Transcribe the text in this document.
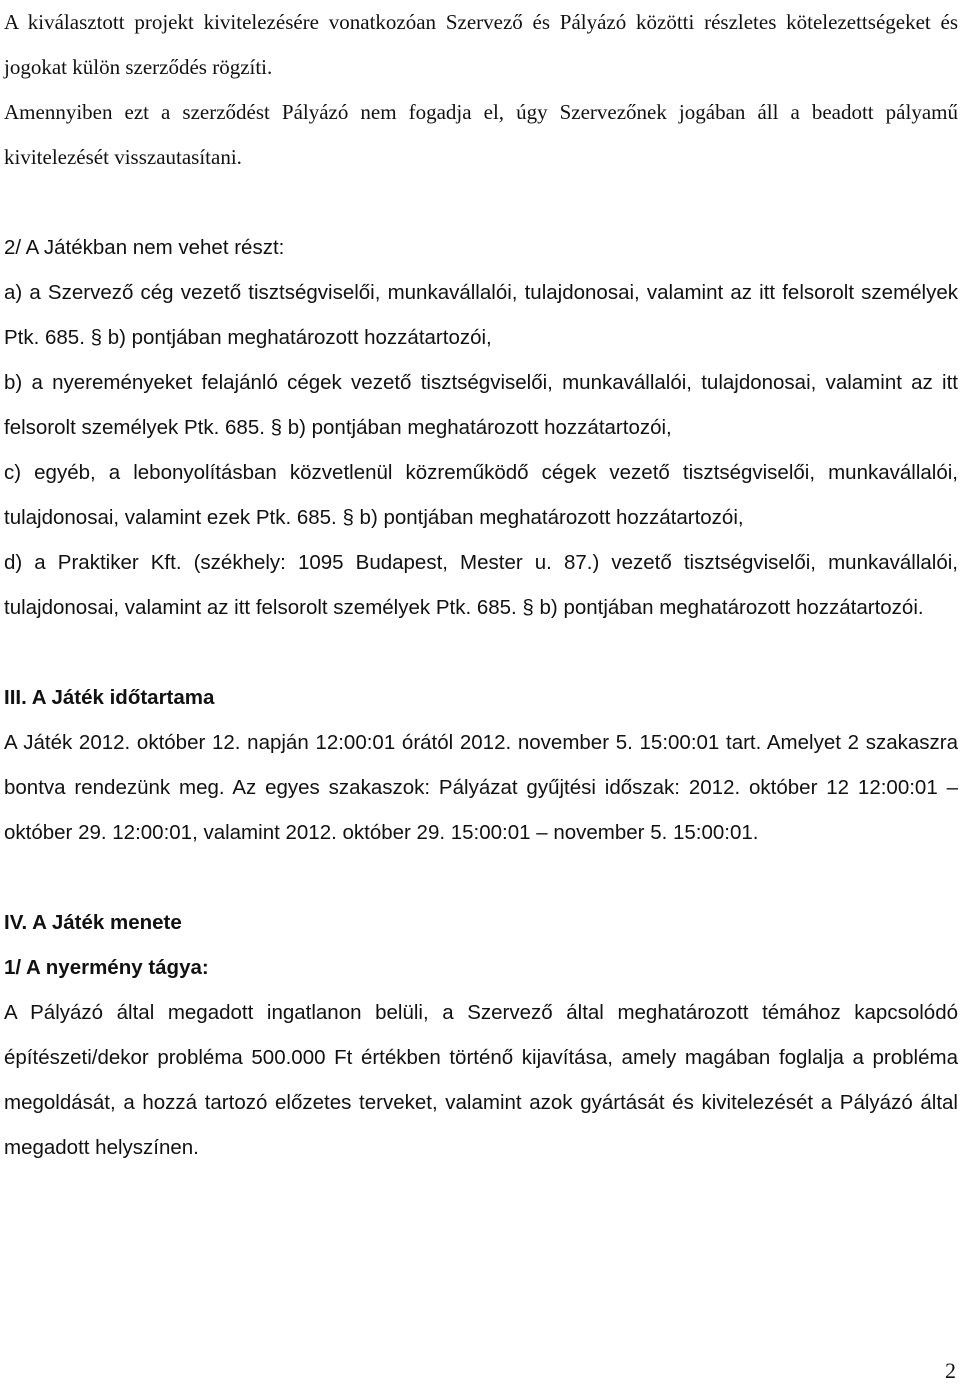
A kiválasztott projekt kivitelezésére vonatkozóan Szervező és Pályázó közötti részletes kötelezettségeket és jogokat külön szerződés rögzíti.

Amennyiben ezt a szerződést Pályázó nem fogadja el, úgy Szervezőnek jogában áll a beadott pályamű kivitelezését visszautasítani.

2/ A Játékban nem vehet részt:

a) a Szervező cég vezető tisztségviselői, munkavállalói, tulajdonosai, valamint az itt felsorolt személyek Ptk. 685. § b) pontjában meghatározott hozzátartozói,

b) a nyereményeket felajánló cégek vezető tisztségviselői, munkavállalói, tulajdonosai, valamint az itt felsorolt személyek Ptk. 685. § b) pontjában meghatározott hozzátartozói,

c) egyéb, a lebonyolításban közvetlenül közreműködő cégek vezető tisztségviselői, munkavállalói, tulajdonosai, valamint ezek Ptk. 685. § b) pontjában meghatározott hozzátartozói,

d) a Praktiker Kft. (székhely: 1095 Budapest, Mester u. 87.) vezető tisztségviselői, munkavállalói, tulajdonosai, valamint az itt felsorolt személyek Ptk. 685. § b) pontjában meghatározott hozzátartozói.

III. A Játék időtartama

A Játék 2012. október 12. napján 12:00:01 órától 2012. november 5. 15:00:01 tart. Amelyet 2 szakaszra bontva rendezünk meg. Az egyes szakaszok: Pályázat gyűjtési időszak: 2012. október 12 12:00:01 – október 29. 12:00:01, valamint 2012. október 29. 15:00:01 – november 5. 15:00:01.

IV. A Játék menete

1/ A nyermény tágya:

A Pályázó által megadott ingatlanon belüli, a Szervező által meghatározott témához kapcsolódó építészeti/dekor probléma 500.000 Ft értékben történő kijavítása, amely magában foglalja a probléma megoldását, a hozzá tartozó előzetes terveket, valamint azok gyártását és kivitelezését a Pályázó által megadott helyszínen.

2
